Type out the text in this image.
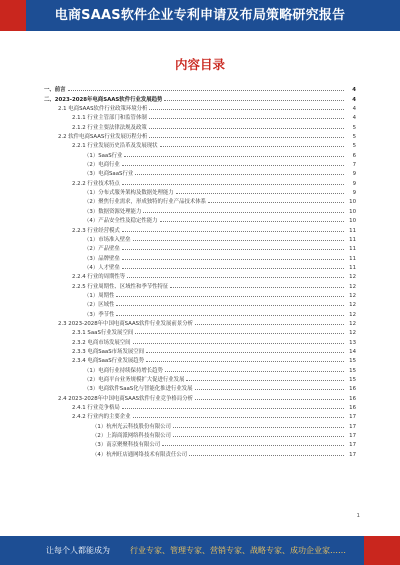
电商SAAS软件企业专利申请及布局策略研究报告
内容目录
一、前言	4
二、2023-2028年电商SAAS软件行业发展趋势	4
2.1 电商SAAS软件行业政策环境分析	4
2.1.1 行业主管部门和监管体制	4
2.1.2 行业主要法律法规及政策	5
2.2 软件电商SAAS行业发展历程分析	5
2.2.1 行业发展历史沿革及发展现状	5
（1）SaaS行业	6
（2）电商行业	7
（3）电商SaaS行业	9
2.2.2 行业技术特点	9
（1）分布式服务架构及数据处理能力	9
（2）聚焦行业需求，形成独特的行业产品技术体系	10
（3）数据资源处理能力	10
（4）产品安全性及稳定性能力	10
2.2.3 行业经营模式	11
（1）市场准入壁垒	11
（2）产品壁垒	11
（3）品牌壁垒	11
（4）人才壁垒	11
2.2.4 行业的周期性等	12
2.2.5 行业周期性、区域性和季节性特征	12
（1）周期性	12
（2）区域性	12
（3）季节性	12
2.3 2023-2028年中国电商SAAS软件行业发展前景分析	12
2.3.1 SaaS行业发展空间	12
2.3.2 电商市场发展空间	13
2.3.3 电商SaaS市场发展空间	14
2.3.4 电商SaaS行业发展趋势	15
（1）电商行业持续保持增长趋势	15
（2）电商平台业务规模扩大促进行业发展	15
（3）电商软件SaaS化与智能化推进行业发展	16
2.4 2023-2028年中国电商SAAS软件行业竞争格局分析	16
2.4.1 行业竞争格局	16
2.4.2 行业内的主要企业	17
（1）杭州光云科技股份有限公司	17
（2）上海商派网络科技有限公司	17
（3）南京聚聚科技有限公司	17
（4）杭州旺店通网络技术有限责任公司	17
1
让每个人都能成为	行业专家、管理专家、营销专家、战略专家、成功企业家……
